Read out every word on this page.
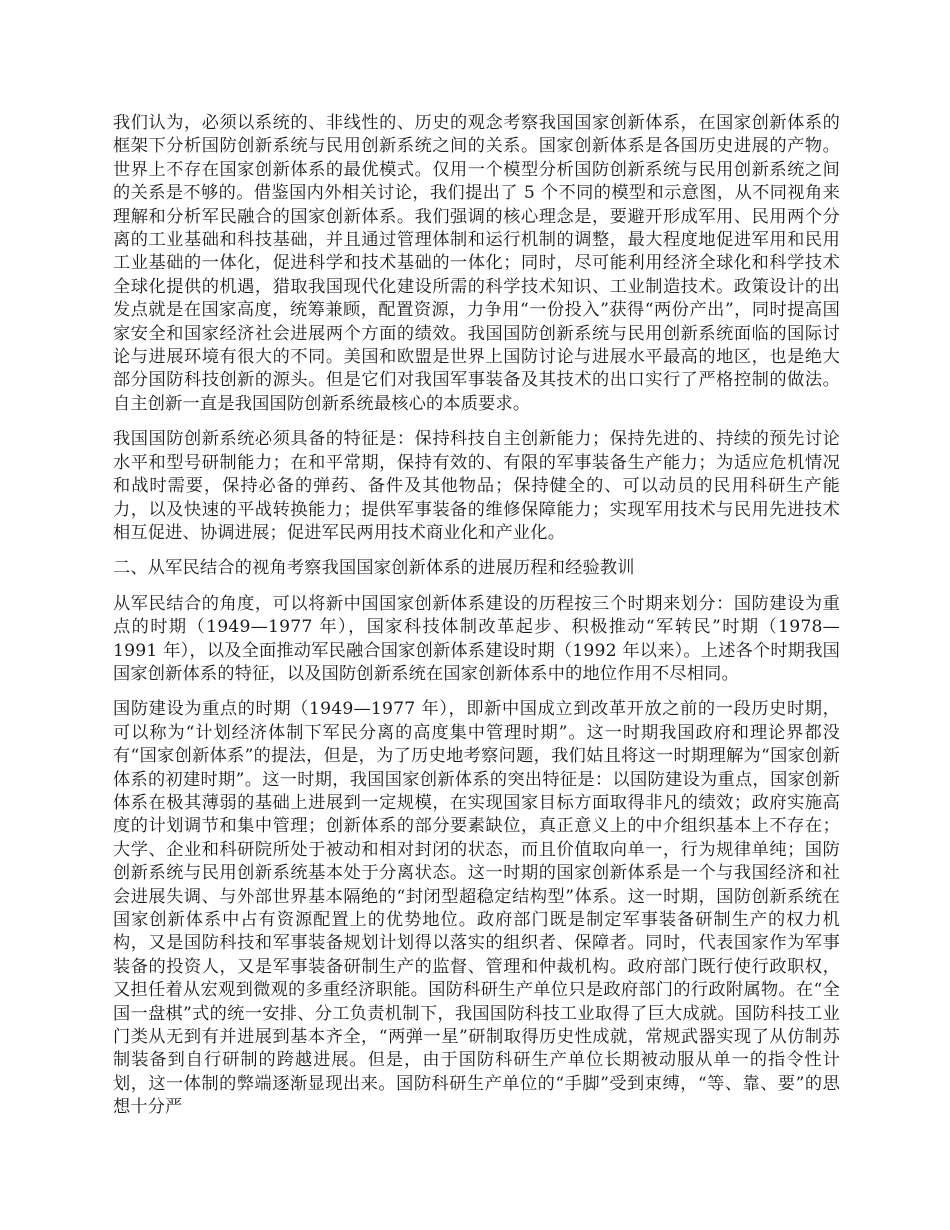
我们认为，必须以系统的、非线性的、历史的观念考察我国国家创新体系，在国家创新体系的框架下分析国防创新系统与民用创新系统之间的关系。国家创新体系是各国历史进展的产物。世界上不存在国家创新体系的最优模式。仅用一个模型分析国防创新系统与民用创新系统之间的关系是不够的。借鉴国内外相关讨论，我们提出了 5 个不同的模型和示意图，从不同视角来理解和分析军民融合的国家创新体系。我们强调的核心理念是，要避开形成军用、民用两个分离的工业基础和科技基础，并且通过管理体制和运行机制的调整，最大程度地促进军用和民用工业基础的一体化，促进科学和技术基础的一体化；同时，尽可能利用经济全球化和科学技术全球化提供的机遇，猎取我国现代化建设所需的科学技术知识、工业制造技术。政策设计的出发点就是在国家高度，统筹兼顾，配置资源，力争用“一份投入”获得“两份产出”，同时提高国家安全和国家经济社会进展两个方面的绩效。我国国防创新系统与民用创新系统面临的国际讨论与进展环境有很大的不同。美国和欧盟是世界上国防讨论与进展水平最高的地区，也是绝大部分国防科技创新的源头。但是它们对我国军事装备及其技术的出口实行了严格控制的做法。自主创新一直是我国国防创新系统最核心的本质要求。

我国国防创新系统必须具备的特征是：保持科技自主创新能力；保持先进的、持续的预先讨论水平和型号研制能力；在和平常期，保持有效的、有限的军事装备生产能力；为适应危机情况和战时需要，保持必备的弹药、备件及其他物品；保持健全的、可以动员的民用科研生产能力，以及快速的平战转换能力；提供军事装备的维修保障能力；实现军用技术与民用先进技术相互促进、协调进展；促进军民两用技术商业化和产业化。

二、从军民结合的视角考察我国国家创新体系的进展历程和经验教训

从军民结合的角度，可以将新中国国家创新体系建设的历程按三个时期来划分：国防建设为重点的时期（1949—1977 年），国家科技体制改革起步、积极推动“军转民”时期（1978—1991 年），以及全面推动军民融合国家创新体系建设时期（1992 年以来）。上述各个时期我国国家创新体系的特征，以及国防创新系统在国家创新体系中的地位作用不尽相同。

国防建设为重点的时期（1949—1977 年），即新中国成立到改革开放之前的一段历史时期，可以称为“计划经济体制下军民分离的高度集中管理时期”。这一时期我国政府和理论界都没有“国家创新体系”的提法，但是，为了历史地考察问题，我们姑且将这一时期理解为“国家创新体系的初建时期”。这一时期，我国国家创新体系的突出特征是：以国防建设为重点，国家创新体系在极其薄弱的基础上进展到一定规模，在实现国家目标方面取得非凡的绩效；政府实施高度的计划调节和集中管理；创新体系的部分要素缺位，真正意义上的中介组织基本上不存在；大学、企业和科研院所处于被动和相对封闭的状态，而且价值取向单一，行为规律单纯；国防创新系统与民用创新系统基本处于分离状态。这一时期的国家创新体系是一个与我国经济和社会进展失调、与外部世界基本隔绝的“封闭型超稳定结构型”体系。这一时期，国防创新系统在国家创新体系中占有资源配置上的优势地位。政府部门既是制定军事装备研制生产的权力机构，又是国防科技和军事装备规划计划得以落实的组织者、保障者。同时，代表国家作为军事装备的投资人，又是军事装备研制生产的监督、管理和仲裁机构。政府部门既行使行政职权，又担任着从宏观到微观的多重经济职能。国防科研生产单位只是政府部门的行政附属物。在“全国一盘棋”式的统一安排、分工负责机制下，我国国防科技工业取得了巨大成就。国防科技工业门类从无到有并进展到基本齐全，“两弹一星”研制取得历史性成就，常规武器实现了从仿制苏制装备到自行研制的跨越进展。但是，由于国防科研生产单位长期被动服从单一的指令性计划，这一体制的弊端逐渐显现出来。国防科研生产单位的“手脚”受到束缚，“等、靠、要”的思想十分严
